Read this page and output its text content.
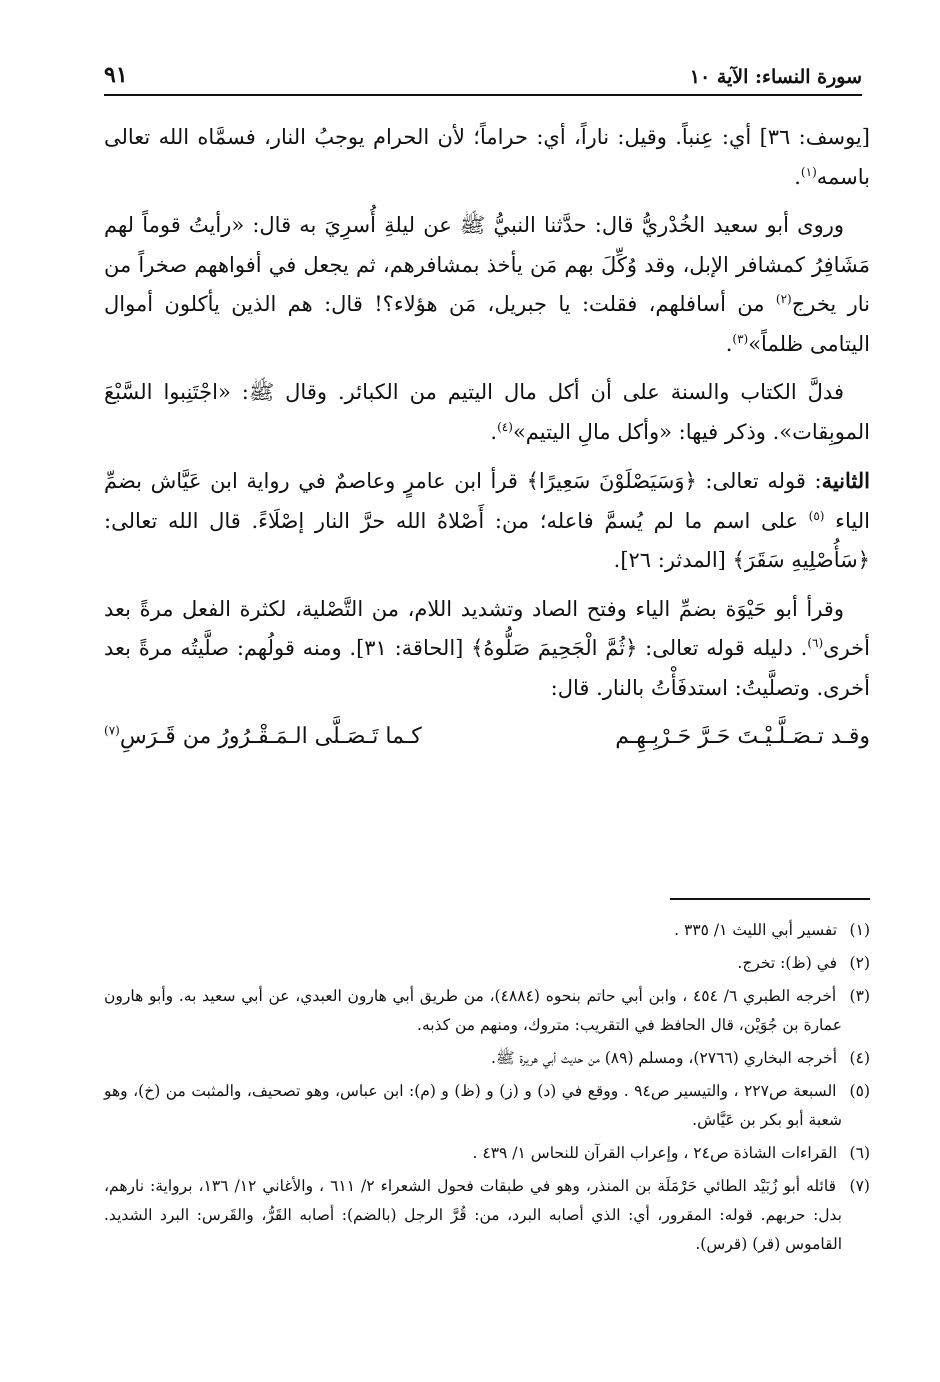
سورة النساء: الآية ١٠
٩١

[يوسف: ٣٦] أي: عِنباً. وقيل: ناراً، أي: حراماً؛ لأن الحرام يوجبُ النار، فسمَّاه الله تعالى باسمه$^{(١)}$.

وروى أبو سعيد الخُدْريُّ قال: حدَّثنا النبيُّ ﷺ عن ليلةِ أُسرِيَ به قال: «رأيتُ قوماً لهم مَشَافِرُ كمشافر الإبل، وقد وُكِّلَ بهم مَن يأخذ بمشافرهم، ثم يجعل في أفواههم صخراً من نار يخرج$^{(٢)}$ من أسافلهم، فقلت: يا جبريل، مَن هؤلاء؟! قال: هم الذين يأكلون أموال اليتامى ظلماً»$^{(٣)}$.

فدلَّ الكتاب والسنة على أن أكل مال اليتيم من الكبائر. وقال ﷺ: «اجْتَنِبوا السَّبْعَ الموبِقات». وذكر فيها: «وأكل مالِ اليتيم»$^{(٤)}$.

الثانية: قوله تعالى: ﴿وَسَيَصْلَوْنَ سَعِيرًا﴾ قرأ ابن عامرٍ وعاصمٌ في رواية ابن عَيَّاش بضمِّ الياء $^{(٥)}$ على اسم ما لم يُسمَّ فاعله؛ من: أَصْلاهُ الله حرَّ النار إصْلَاءً. قال الله تعالى: ﴿سَأُصْلِيهِ سَقَرَ﴾ [المدثر: ٢٦].

وقرأ أبو حَيْوَة بضمِّ الياء وفتح الصاد وتشديد اللام، من التَّصْلية، لكثرة الفعل مرةً بعد أخرى$^{(٦)}$. دليله قوله تعالى: ﴿ثُمَّ الْجَحِيمَ صَلُّوهُ﴾ [الحاقة: ٣١]. ومنه قولُهم: صلَّيتُه مرةً بعد أخرى. وتصلَّيتُ: استدفَأْتُ بالنار. قال:

وقـد تـصَـلَّـيْـتَ حَـرَّ حَـرْبِـهِـم
كـما تَـصَـلَّى الـمَـقْـرُورُ من قَـرَسِ$^{(٧)}$
(١) تفسير أبي الليث ١/ ٣٣٥ .
(٢) في (ظ): تخرج.
(٣) أخرجه الطبري ٦/ ٤٥٤ ، وابن أبي حاتم بنحوه (٤٨٨٤)، من طريق أبي هارون العبدي، عن أبي سعيد به. وأبو هارون عمارة بن جُوَيْن، قال الحافظ في التقريب: متروك، ومنهم من كذبه.
(٤) أخرجه البخاري (٢٧٦٦)، ومسلم (٨٩) من حديث أبي هريرة ﷺ.
(٥) السبعة ص٢٢٧ ، والتيسير ص٩٤ . ووقع في (د) و (ز) و (ظ) و (م): ابن عباس، وهو تصحيف، والمثبت من (خ)، وهو شعبة أبو بكر بن عَيَّاش.
(٦) القراءات الشاذة ص٢٤ ، وإعراب القرآن للنحاس ١/ ٤٣٩ .
(٧) قائله أبو زُبَيْد الطائي حَرْمَلَة بن المنذر، وهو في طبقات فحول الشعراء ٢/ ٦١١ ، والأغاني ١٢/ ١٣٦، برواية: نارهم، بدل: حربهم. قوله: المقرور، أي: الذي أصابه البرد، من: قُرَّ الرجل (بالضم): أصابه القَرُّ، والقَرس: البرد الشديد. القاموس (قر) (قرس).
